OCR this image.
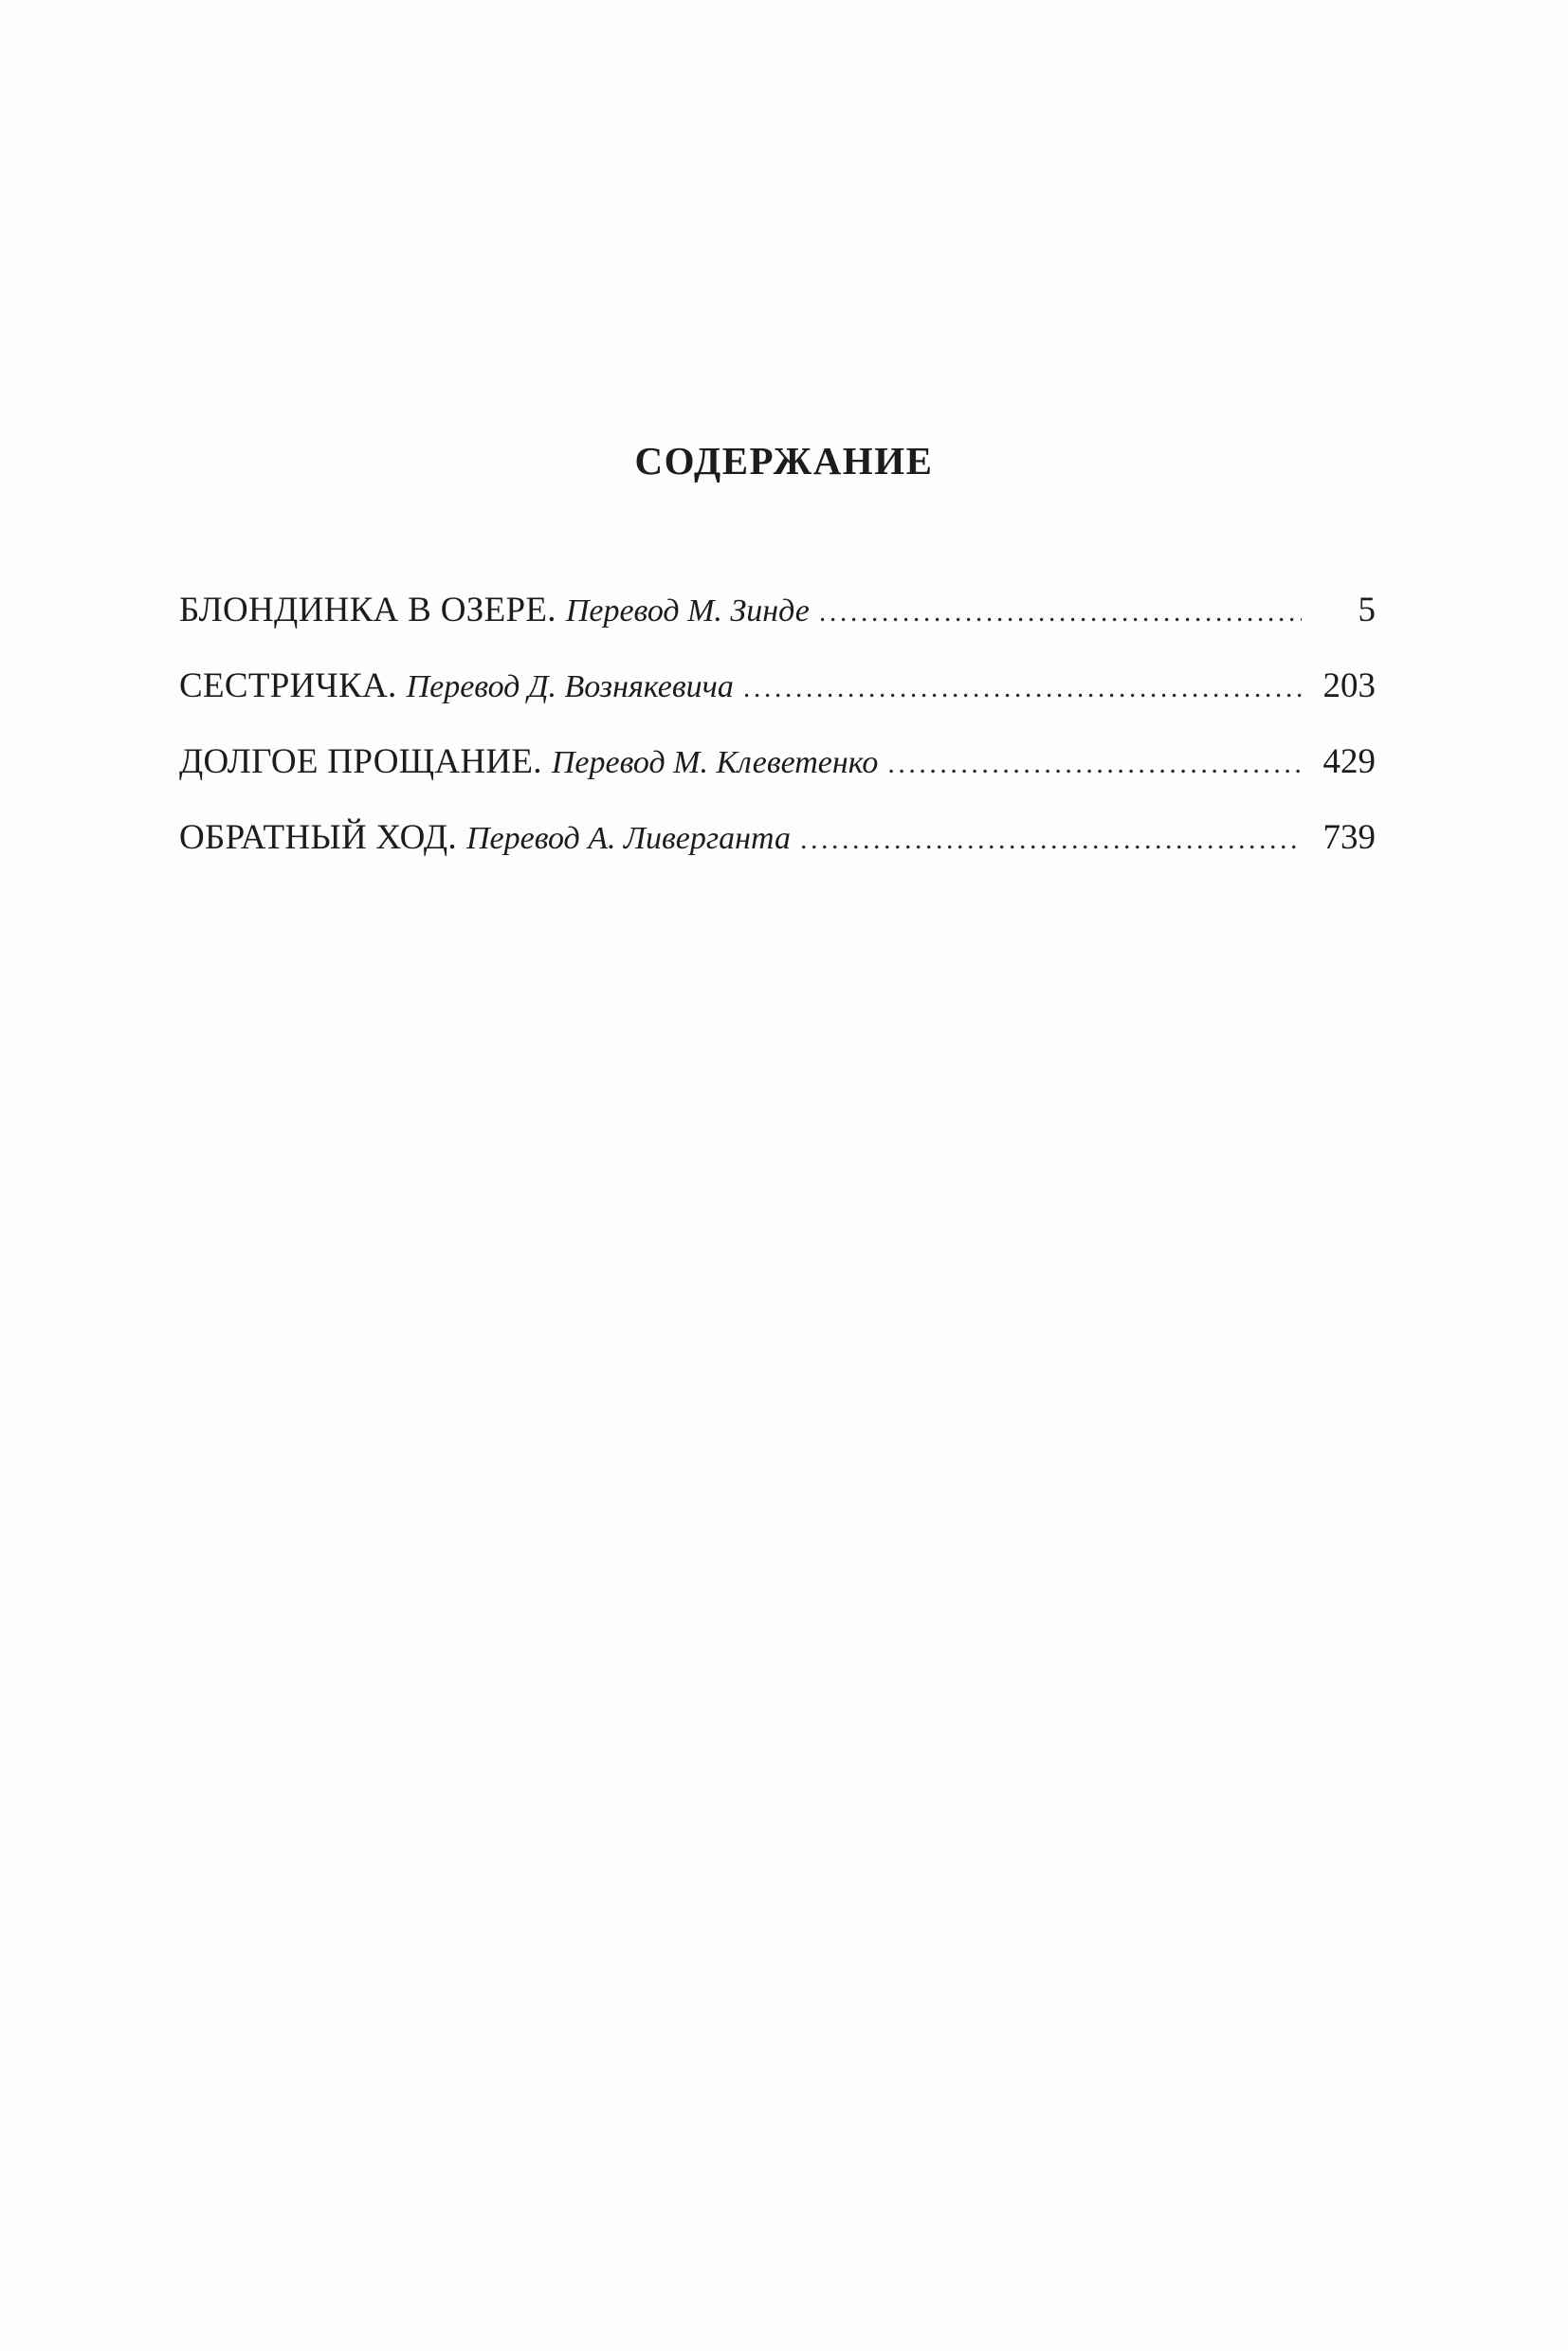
СОДЕРЖАНИЕ
БЛОНДИНКА В ОЗЕРЕ. Перевод М. Зинде . . .	5
СЕСТРИЧКА. Перевод Д. Вознякевича . . .	203
ДОЛГОЕ ПРОЩАНИЕ. Перевод М. Клеветенко . . .	429
ОБРАТНЫЙ ХОД. Перевод А. Ливерганта . . .	739
